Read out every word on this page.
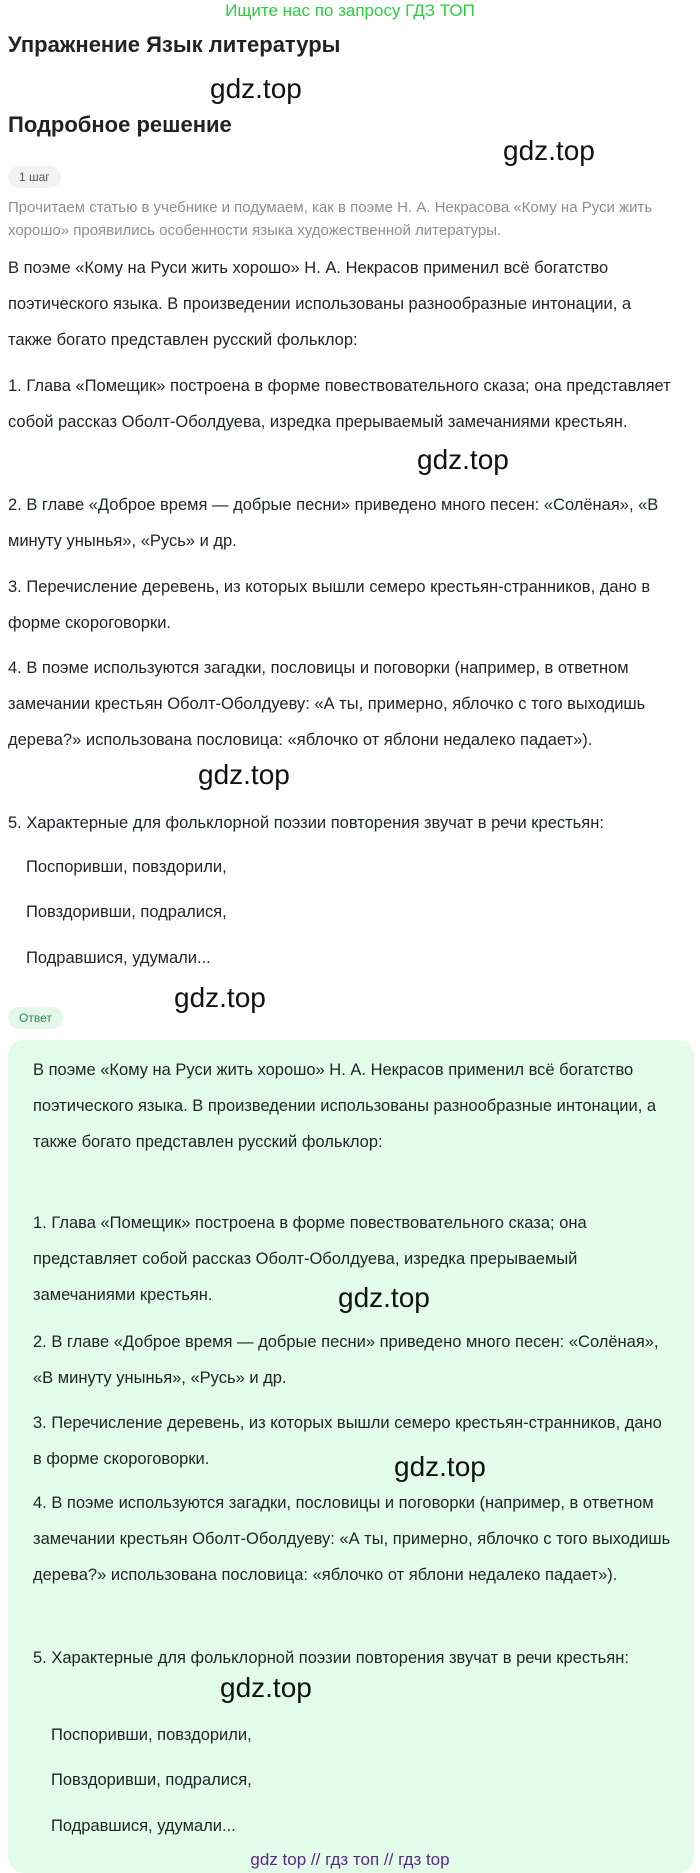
Ищите нас по запросу ГДЗ ТОП
Упражнение Язык литературы
gdz.top
Подробное решение
gdz.top
1 шаг

Прочитаем статью в учебнике и подумаем, как в поэме Н. А. Некрасова «Кому на Руси жить хорошо» проявились особенности языка художественной литературы.

В поэме «Кому на Руси жить хорошо» Н. А. Некрасов применил всё богатство поэтического языка. В произведении использованы разнообразные интонации, а также богато представлен русский фольклор:

1. Глава «Помещик» построена в форме повествовательного сказа; она представляет собой рассказ Оболт-Оболдуева, изредка прерываемый замечаниями крестьян.

gdz.top

2. В главе «Доброе время — добрые песни» приведено много песен: «Солёная», «В минуту унынья», «Русь» и др.

3. Перечисление деревень, из которых вышли семеро крестьян-странников, дано в форме скороговорки.

4. В поэме используются загадки, пословицы и поговорки (например, в ответном замечании крестьян Оболт-Оболдуеву: «А ты, примерно, яблочко с того выходишь дерева?» использована пословица: «яблочко от яблони недалеко падает»).

gdz.top

5. Характерные для фольклорной поэзии повторения звучат в речи крестьян:

Поспоривши, повздорили,

Повздоривши, подралися,

Подравшися, удумали...

Ответ
gdz.top

В поэме «Кому на Руси жить хорошо» Н. А. Некрасов применил всё богатство поэтического языка. В произведении использованы разнообразные интонации, а также богато представлен русский фольклор:

1. Глава «Помещик» построена в форме повествовательного сказа; она представляет собой рассказ Оболт-Оболдуева, изредка прерываемый замечаниями крестьян.	gdz.top

2. В главе «Доброе время — добрые песни» приведено много песен: «Солёная», «В минуту унынья», «Русь» и др.

3. Перечисление деревень, из которых вышли семеро крестьян-странников, дано в форме скороговорки.	gdz.top

4. В поэме используются загадки, пословицы и поговорки (например, в ответном замечании крестьян Оболт-Оболдуеву: «А ты, примерно, яблочко с того выходишь дерева?» использована пословица: «яблочко от яблони недалеко падает»).

5. Характерные для фольклорной поэзии повторения звучат в речи крестьян:

gdz.top

Поспоривши, повздорили,

Повздоривши, подралися,

Подравшися, удумали...

gdz top // гдз топ // гдз top
